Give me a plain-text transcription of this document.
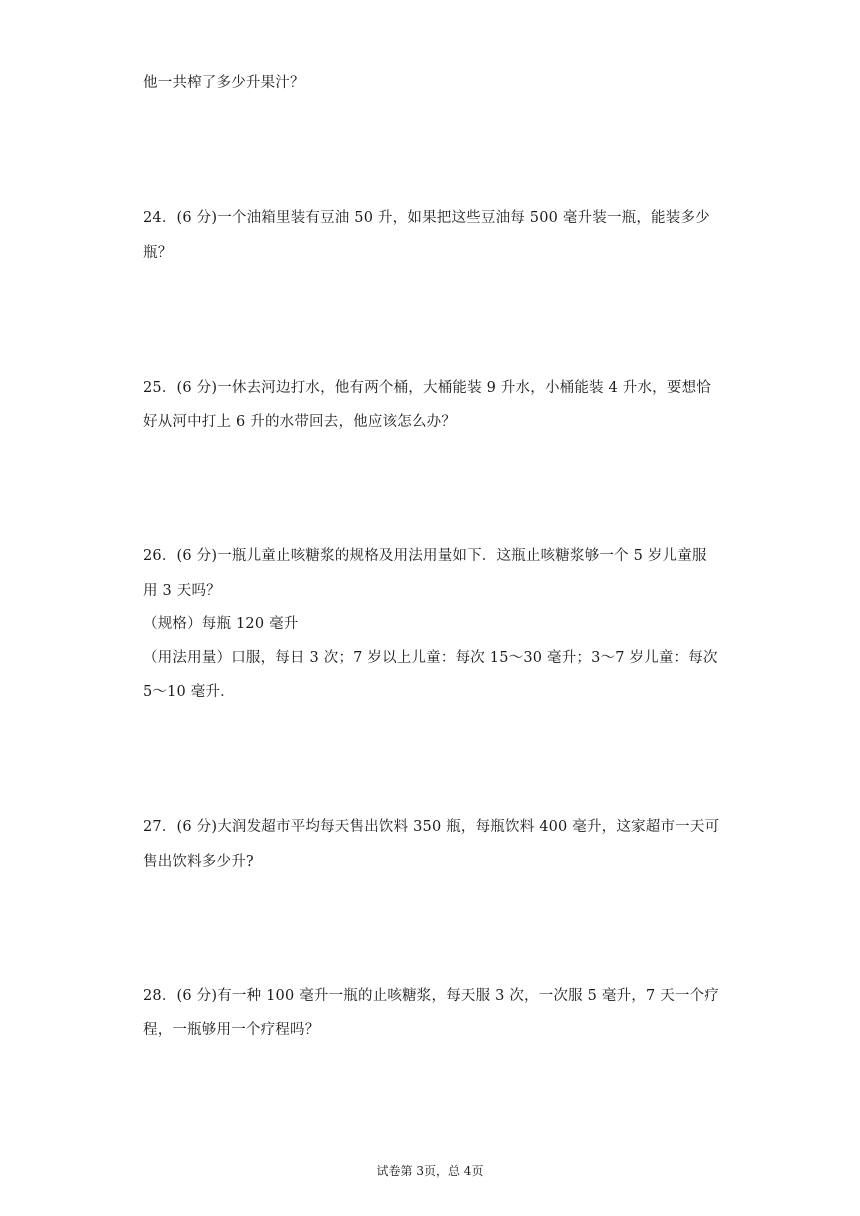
他一共榨了多少升果汁？
24．(6 分)一个油箱里装有豆油 50 升，如果把这些豆油每 500 毫升装一瓶，能装多少
瓶？
25．(6 分)一休去河边打水，他有两个桶，大桶能装 9 升水，小桶能装 4 升水，要想恰
好从河中打上 6 升的水带回去，他应该怎么办？
26．(6 分)一瓶儿童止咳糖浆的规格及用法用量如下．这瓶止咳糖浆够一个 5 岁儿童服
用 3 天吗？
（规格）每瓶 120 毫升
（用法用量）口服，每日 3 次；7 岁以上儿童：每次 15～30 毫升；3～7 岁儿童：每次
5～10 毫升．
27．(6 分)大润发超市平均每天售出饮料 350 瓶，每瓶饮料 400 毫升，这家超市一天可
售出饮料多少升?
28．(6 分)有一种 100 毫升一瓶的止咳糖浆，每天服 3 次，一次服 5 毫升，7 天一个疗
程，一瓶够用一个疗程吗？
试卷第 3页，总 4页
